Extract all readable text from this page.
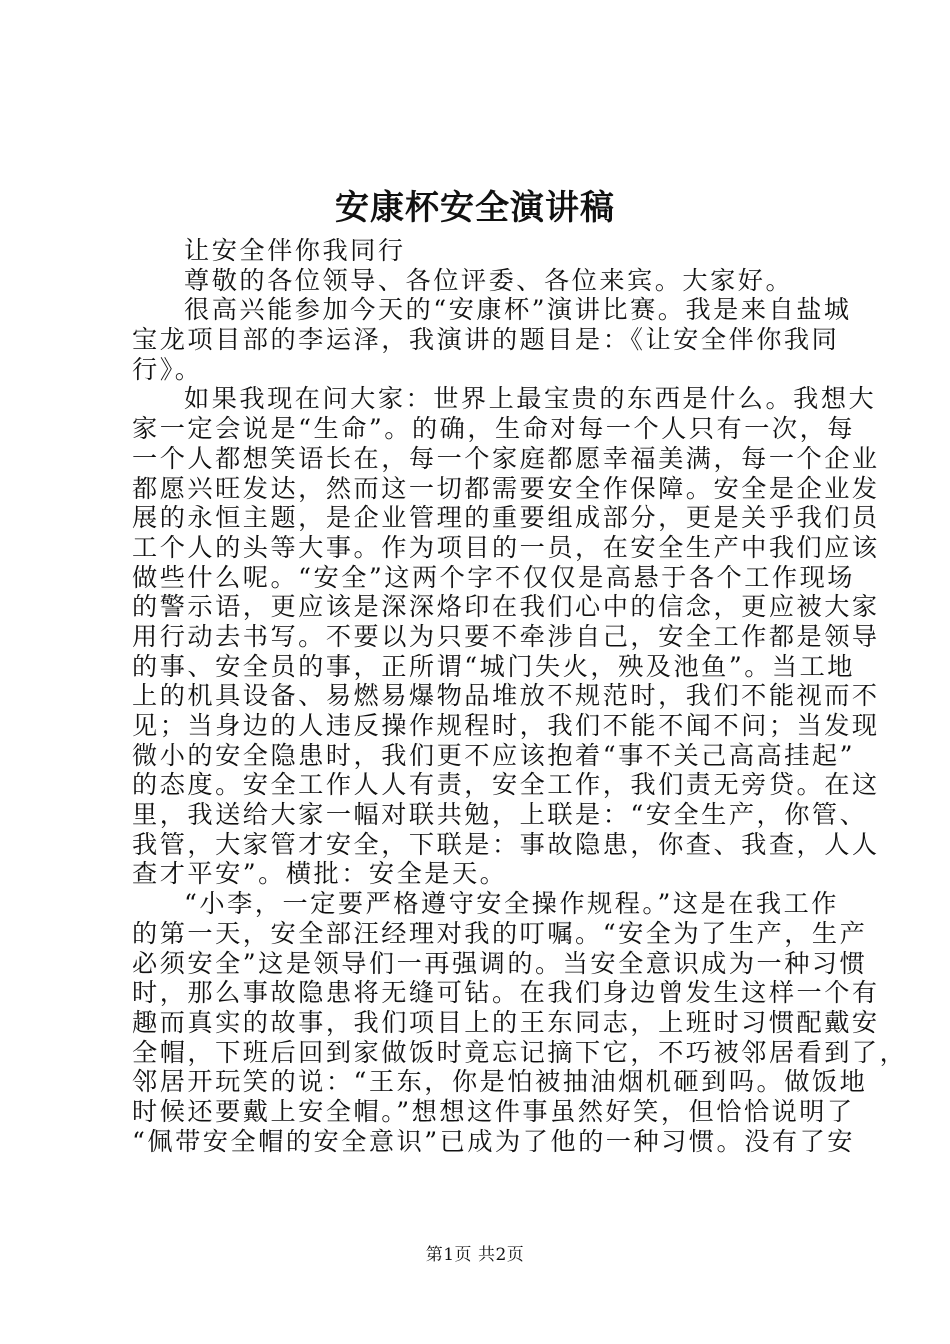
安康杯安全演讲稿
让安全伴你我同行
尊敬的各位领导、各位评委、各位来宾。大家好。
很高兴能参加今天的“安康杯”演讲比赛。我是来自盐城
宝龙项目部的李运泽，我演讲的题目是：《让安全伴你我同
行》。
如果我现在问大家：世界上最宝贵的东西是什么。我想大
家一定会说是“生命”。的确，生命对每一个人只有一次，每
一个人都想笑语长在，每一个家庭都愿幸福美满，每一个企业
都愿兴旺发达，然而这一切都需要安全作保障。安全是企业发
展的永恒主题，是企业管理的重要组成部分，更是关乎我们员
工个人的头等大事。作为项目的一员，在安全生产中我们应该
做些什么呢。“安全”这两个字不仅仅是高悬于各个工作现场
的警示语，更应该是深深烙印在我们心中的信念，更应被大家
用行动去书写。不要以为只要不牵涉自己，安全工作都是领导
的事、安全员的事，正所谓“城门失火，殃及池鱼”。当工地
上的机具设备、易燃易爆物品堆放不规范时，我们不能视而不
见；当身边的人违反操作规程时，我们不能不闻不问；当发现
微小的安全隐患时，我们更不应该抱着“事不关己高高挂起”
的态度。安全工作人人有责，安全工作，我们责无旁贷。在这
里，我送给大家一幅对联共勉，上联是：“安全生产，你管、
我管，大家管才安全，下联是：事故隐患，你查、我查，人人
查才平安”。横批：安全是天。
“小李，一定要严格遵守安全操作规程。”这是在我工作
的第一天，安全部汪经理对我的叮嘱。“安全为了生产，生产
必须安全”这是领导们一再强调的。当安全意识成为一种习惯
时，那么事故隐患将无缝可钻。在我们身边曾发生这样一个有
趣而真实的故事，我们项目上的王东同志，上班时习惯配戴安
全帽，下班后回到家做饭时竟忘记摘下它，不巧被邻居看到了，
邻居开玩笑的说：“王东，你是怕被抽油烟机砸到吗。做饭地
时候还要戴上安全帽。”想想这件事虽然好笑，但恰恰说明了
“佩带安全帽的安全意识”已成为了他的一种习惯。没有了安
第1页 共2页
